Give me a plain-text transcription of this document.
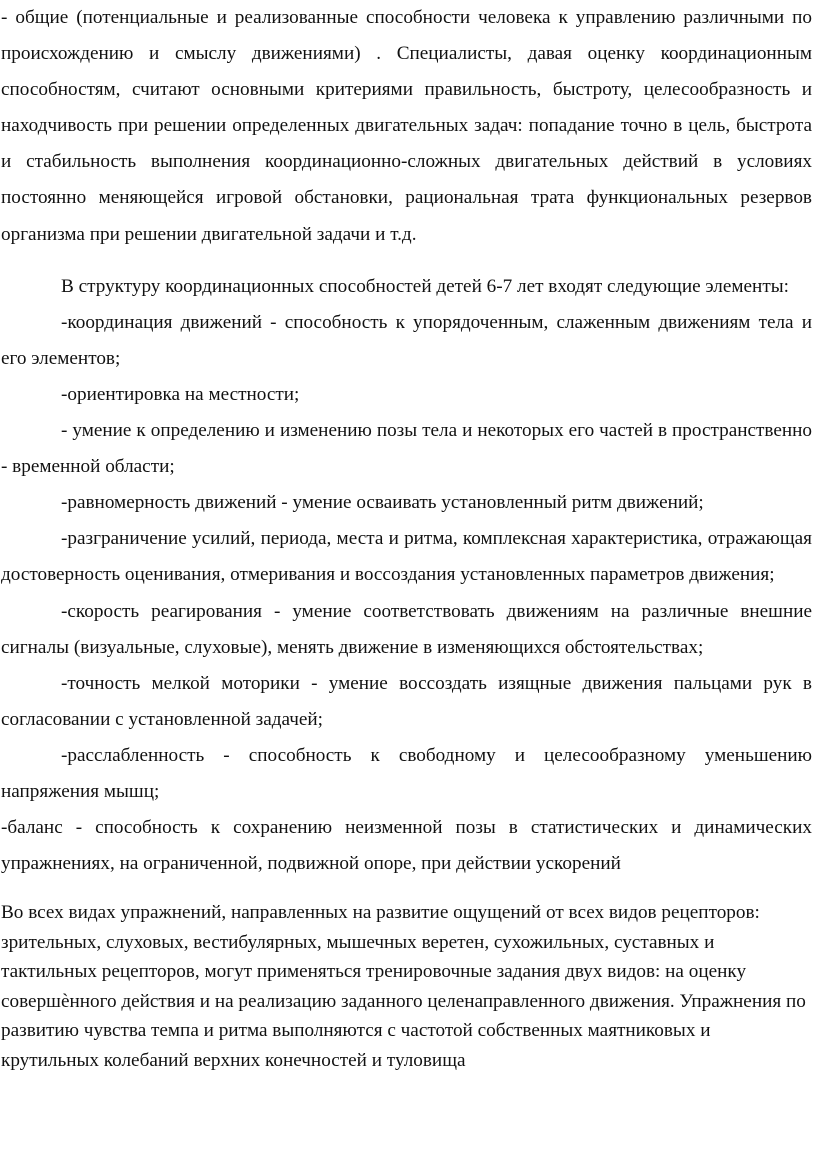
- общие (потенциальные и реализованные способности человека к управлению различными по происхождению и смыслу движениями) . Специалисты, давая оценку координационным способностям, считают основными критериями правильность, быстроту, целесообразность и находчивость при решении определенных двигательных задач: попадание точно в цель, быстрота и стабильность выполнения координационно-сложных двигательных действий в условиях постоянно меняющейся игровой обстановки, рациональная трата функциональных резервов организма при решении двигательной задачи и т.д.

В структуру координационных способностей детей 6-7 лет входят следующие элементы:

-координация движений - способность к упорядоченным, слаженным движениям тела и его элементов;

-ориентировка на местности;

- умение к определению и изменению позы тела и некоторых его частей в пространственно - временной области;

-равномерность движений - умение осваивать установленный ритм движений;

-разграничение усилий, периода, места и ритма, комплексная характеристика, отражающая достоверность оценивания, отмеривания и воссоздания установленных параметров движения;

-скорость реагирования - умение соответствовать движениям на различные внешние сигналы (визуальные, слуховые), менять движение в изменяющихся обстоятельствах;

-точность мелкой моторики - умение воссоздать изящные движения пальцами рук в согласовании с установленной задачей;

-расслабленность - способность к свободному и целесообразному уменьшению напряжения мышц;

-баланс - способность к сохранению неизменной позы в статистических и динамических упражнениях, на ограниченной, подвижной опоре, при действии ускорений

Во всех видах упражнений, направленных на развитие ощущений от всех видов рецепторов: зрительных, слуховых, вестибулярных, мышечных веретен, сухожильных, суставных и тактильных рецепторов, могут применяться тренировочные задания двух видов: на оценку совершѐнного действия и на реализацию заданного целенаправленного движения. Упражнения по развитию чувства темпа и ритма выполняются с частотой собственных маятниковых и крутильных колебаний верхних конечностей и туловища
